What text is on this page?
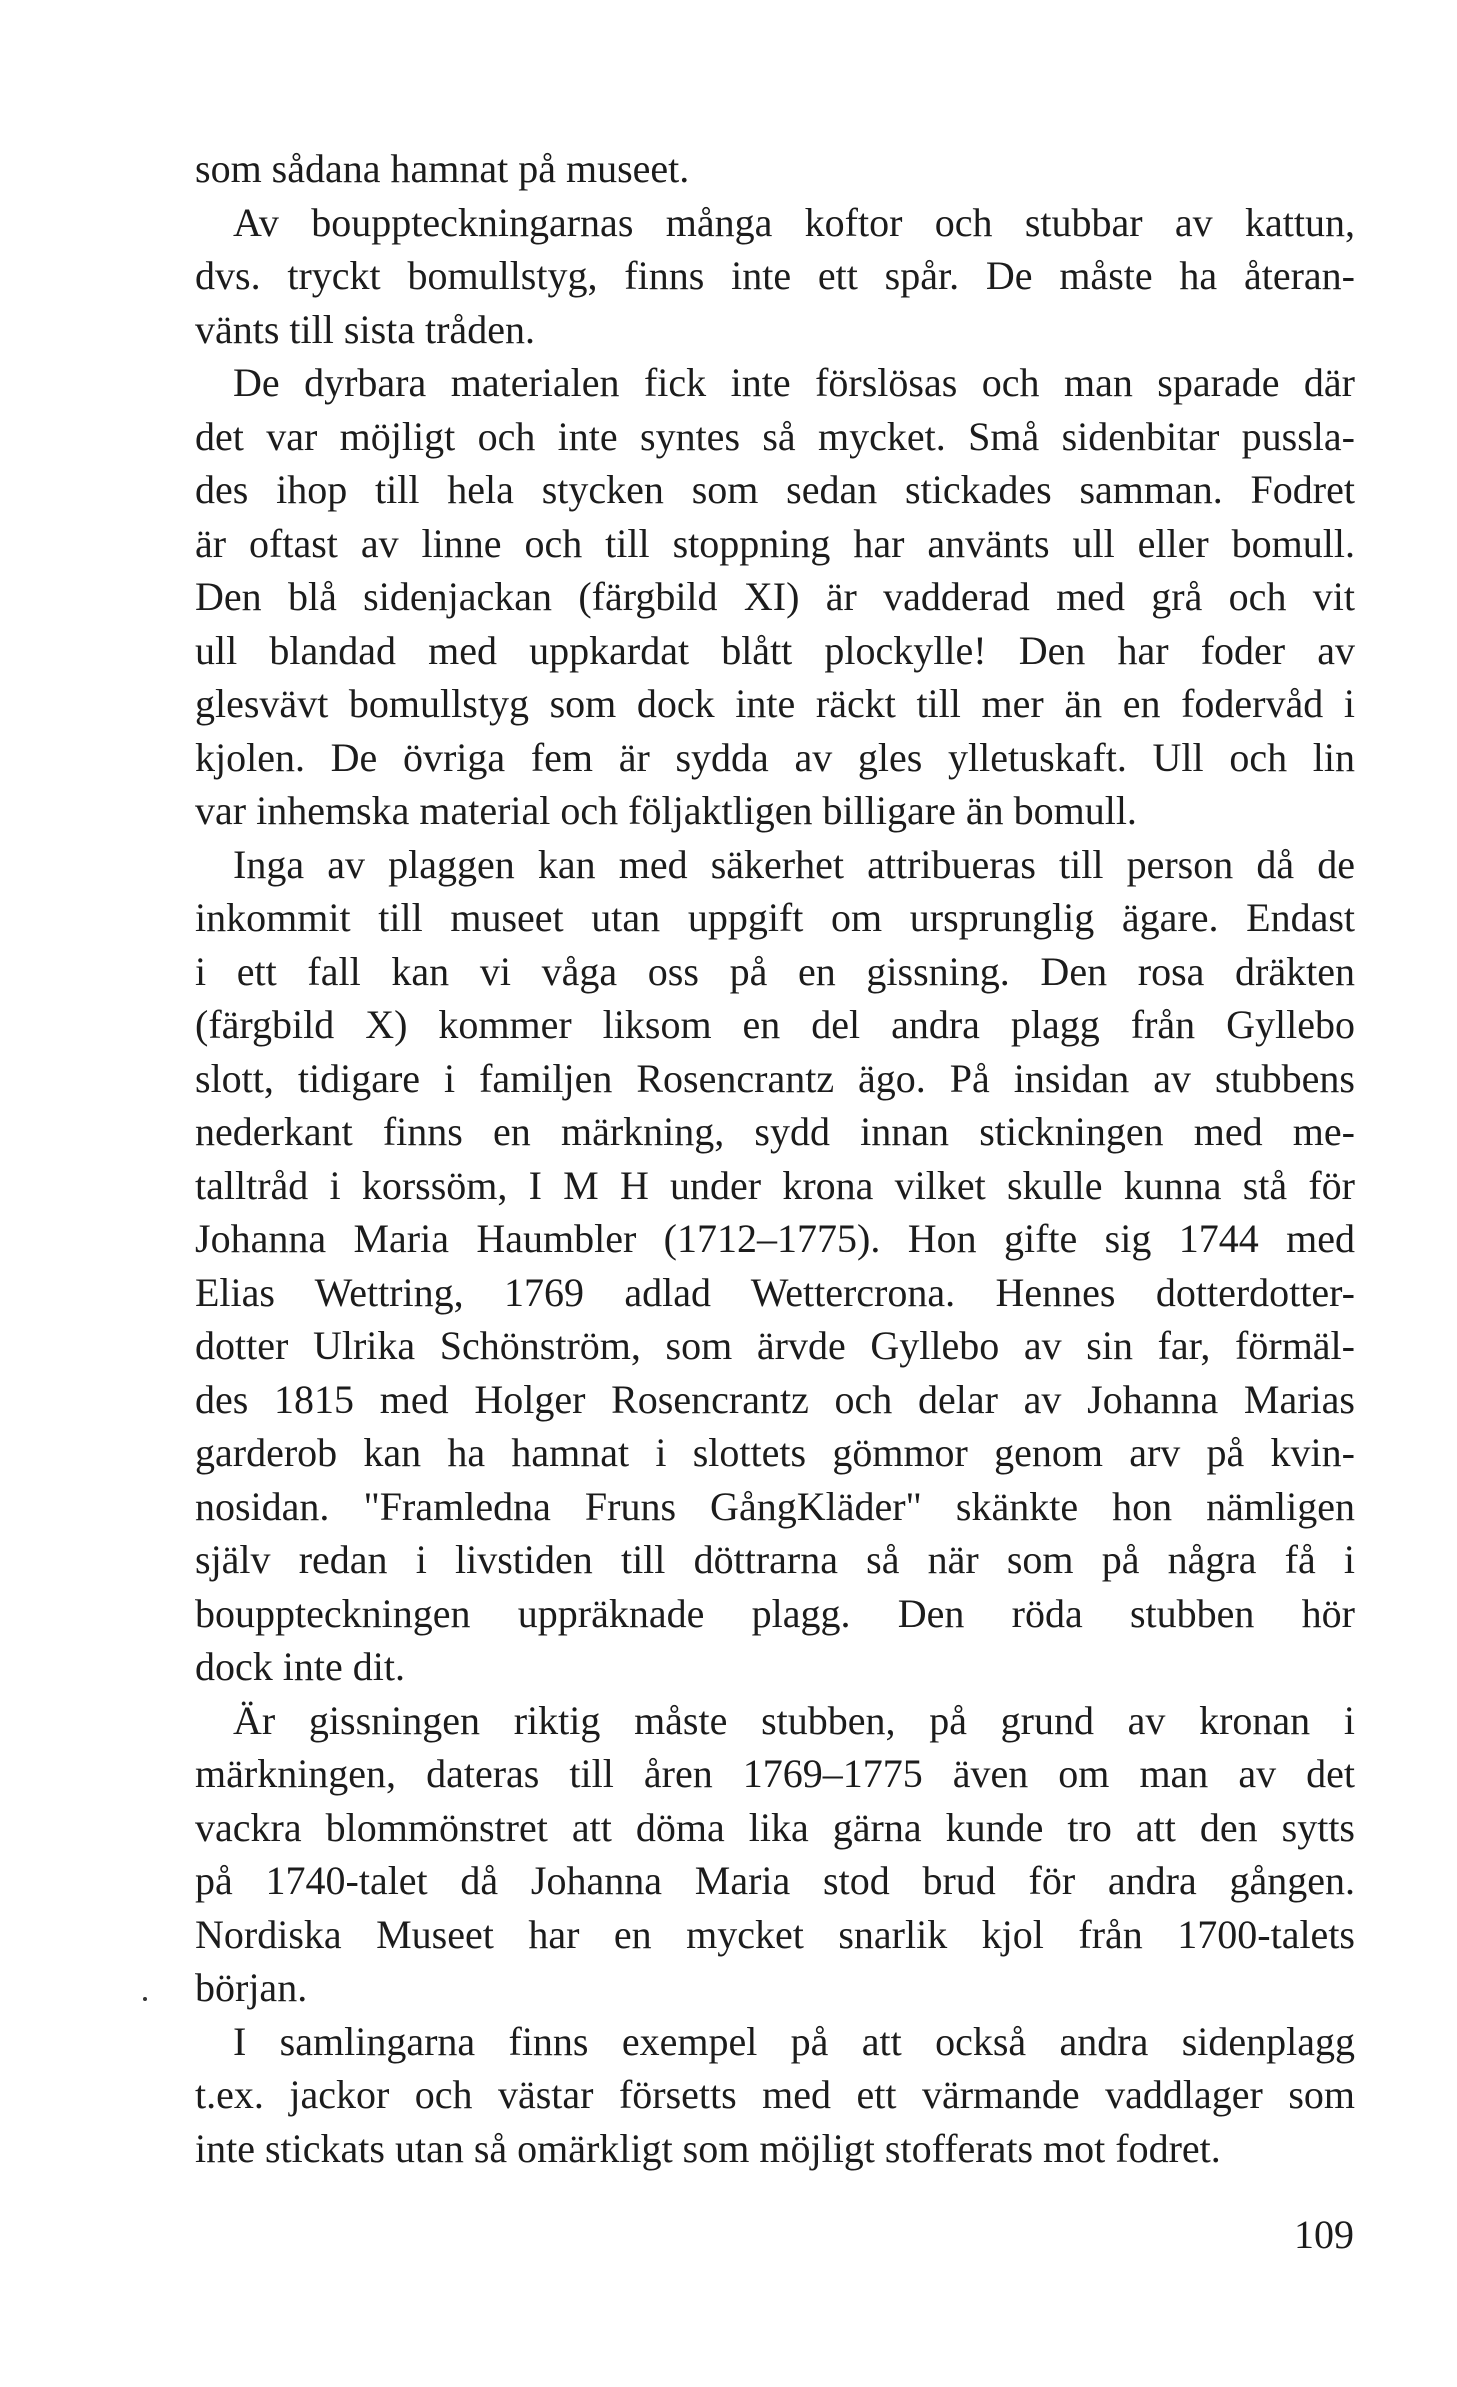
som sådana hamnat på museet.
Av bouppteckningarnas många koftor och stubbar av kattun,
dvs. tryckt bomullstyg, finns inte ett spår. De måste ha återan-
vänts till sista tråden.
De dyrbara materialen fick inte förslösas och man sparade där
det var möjligt och inte syntes så mycket. Små sidenbitar pussla-
des ihop till hela stycken som sedan stickades samman. Fodret
är oftast av linne och till stoppning har använts ull eller bomull.
Den blå sidenjackan (färgbild XI) är vadderad med grå och vit
ull blandad med uppkardat blått plockylle! Den har foder av
glesvävt bomullstyg som dock inte räckt till mer än en fodervåd i
kjolen. De övriga fem är sydda av gles ylletuskaft. Ull och lin
var inhemska material och följaktligen billigare än bomull.
Inga av plaggen kan med säkerhet attribueras till person då de
inkommit till museet utan uppgift om ursprunglig ägare. Endast
i ett fall kan vi våga oss på en gissning. Den rosa dräkten
(färgbild X) kommer liksom en del andra plagg från Gyllebo
slott, tidigare i familjen Rosencrantz ägo. På insidan av stubbens
nederkant finns en märkning, sydd innan stickningen med me-
talltråd i korssöm, I M H under krona vilket skulle kunna stå för
Johanna Maria Haumbler (1712–1775). Hon gifte sig 1744 med
Elias Wettring, 1769 adlad Wettercrona. Hennes dotterdotter-
dotter Ulrika Schönström, som ärvde Gyllebo av sin far, förmäl-
des 1815 med Holger Rosencrantz och delar av Johanna Marias
garderob kan ha hamnat i slottets gömmor genom arv på kvin-
nosidan. "Framledna Fruns GångKläder" skänkte hon nämligen
själv redan i livstiden till döttrarna så när som på några få i
bouppteckningen uppräknade plagg. Den röda stubben hör
dock inte dit.
Är gissningen riktig måste stubben, på grund av kronan i
märkningen, dateras till åren 1769–1775 även om man av det
vackra blommönstret att döma lika gärna kunde tro att den sytts
på 1740-talet då Johanna Maria stod brud för andra gången.
Nordiska Museet har en mycket snarlik kjol från 1700-talets
början.
I samlingarna finns exempel på att också andra sidenplagg
t.ex. jackor och västar försetts med ett värmande vaddlager som
inte stickats utan så omärkligt som möjligt stofferats mot fodret.
109
